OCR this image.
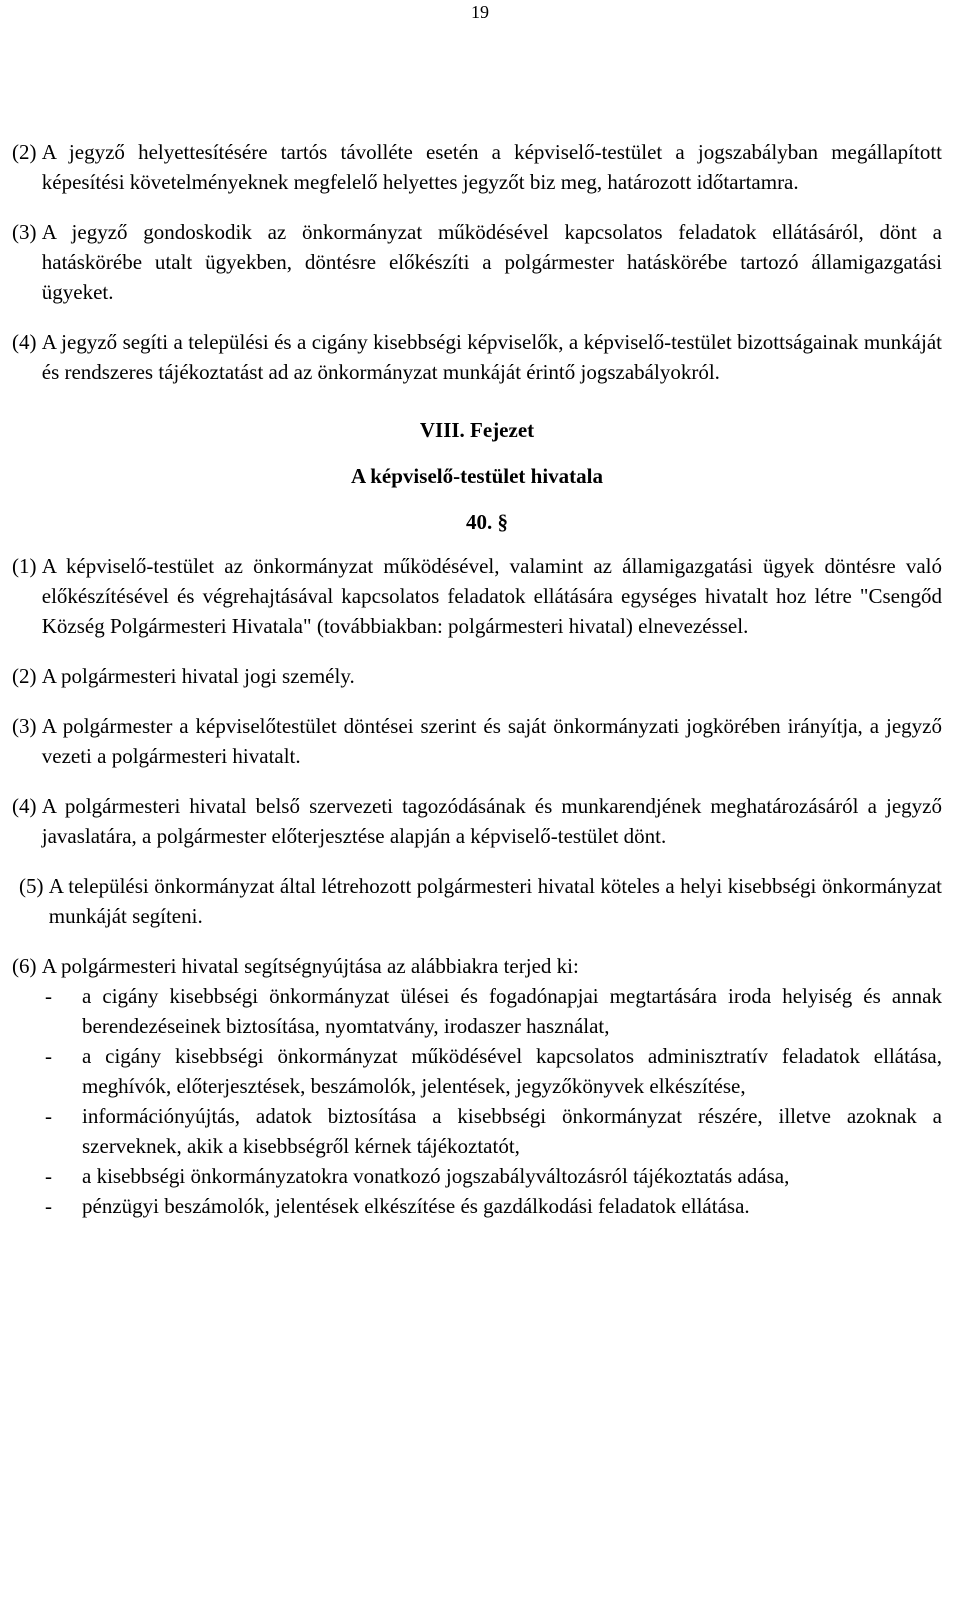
19
(2) A jegyző helyettesítésére tartós távolléte esetén a képviselő-testület a jogszabályban megállapított képesítési követelményeknek megfelelő helyettes jegyzőt biz meg, határozott időtartamra.
(3) A jegyző gondoskodik az önkormányzat működésével kapcsolatos feladatok ellátásáról, dönt a hatáskörébe utalt ügyekben, döntésre előkészíti a polgármester hatáskörébe tartozó államigazgatási ügyeket.
(4) A jegyző segíti a települési és a cigány kisebbségi képviselők, a képviselő-testület bizottságainak munkáját és rendszeres tájékoztatást ad az önkormányzat munkáját érintő jogszabályokról.

VIII. Fejezet

A képviselő-testület hivatala

40. §

(1) A képviselő-testület az önkormányzat működésével, valamint az államigazgatási ügyek döntésre való előkészítésével és végrehajtásával kapcsolatos feladatok ellátására egységes hivatalt hoz létre "Csengőd Község Polgármesteri Hivatala" (továbbiakban: polgármesteri hivatal) elnevezéssel.
(2) A polgármesteri hivatal jogi személy.
(3) A polgármester a képviselőtestület döntései szerint és saját önkormányzati jogkörében irányítja, a jegyző vezeti a polgármesteri hivatalt.
(4) A polgármesteri hivatal belső szervezeti tagozódásának és munkarendjének meghatározásáról a jegyző javaslatára, a polgármester előterjesztése alapján a képviselő-testület dönt.
(5) A települési önkormányzat által létrehozott polgármesteri hivatal köteles a helyi kisebbségi önkormányzat munkáját segíteni.
(6) A polgármesteri hivatal segítségnyújtása az alábbiakra terjed ki:
-	a cigány kisebbségi önkormányzat ülései és fogadónapjai megtartására iroda helyiség és annak berendezéseinek biztosítása, nyomtatvány, irodaszer használat,
-	a cigány kisebbségi önkormányzat működésével kapcsolatos adminisztratív feladatok ellátása, meghívók, előterjesztések, beszámolók, jelentések, jegyzőkönyvek elkészítése,
-	információnyújtás, adatok biztosítása a kisebbségi önkormányzat részére, illetve azoknak a szerveknek, akik a kisebbségről kérnek tájékoztatót,
-	a kisebbségi önkormányzatokra vonatkozó jogszabályváltozásról tájékoztatás adása,
-	pénzügyi beszámolók, jelentések elkészítése és gazdálkodási feladatok ellátása.
